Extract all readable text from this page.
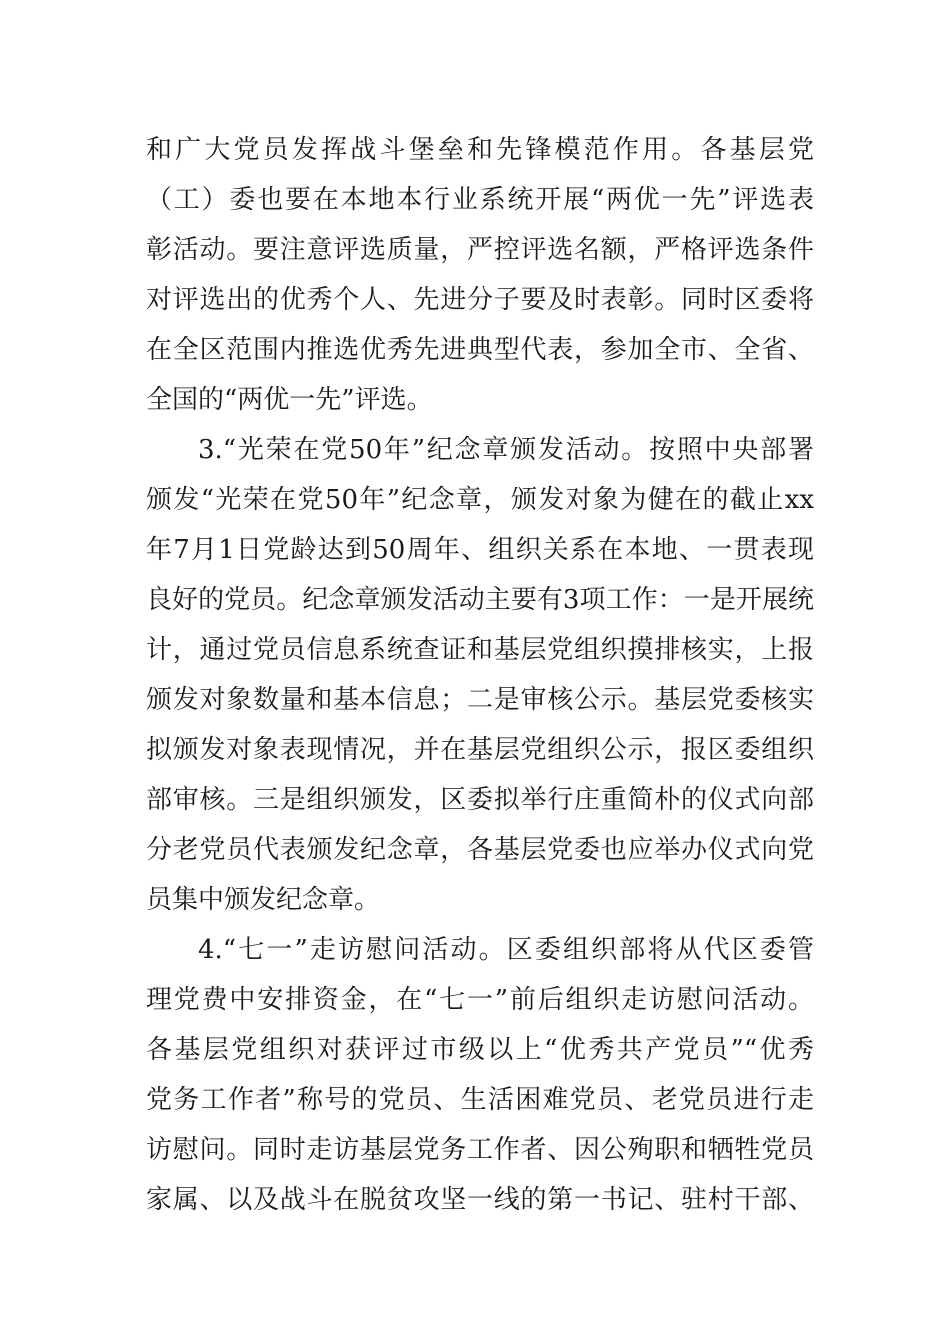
和广大党员发挥战斗堡垒和先锋模范作用。各基层党
（工）委也要在本地本行业系统开展“两优一先”评选表
彰活动。要注意评选质量，严控评选名额，严格评选条件
对评选出的优秀个人、先进分子要及时表彰。同时区委将
在全区范围内推选优秀先进典型代表，参加全市、全省、
全国的“两优一先”评选。
3.“光荣在党50年”纪念章颁发活动。按照中央部署
颁发“光荣在党50年”纪念章，颁发对象为健在的截止xx
年7月1日党龄达到50周年、组织关系在本地、一贯表现
良好的党员。纪念章颁发活动主要有3项工作：一是开展统
计，通过党员信息系统查证和基层党组织摸排核实，上报
颁发对象数量和基本信息；二是审核公示。基层党委核实
拟颁发对象表现情况，并在基层党组织公示，报区委组织
部审核。三是组织颁发，区委拟举行庄重简朴的仪式向部
分老党员代表颁发纪念章，各基层党委也应举办仪式向党
员集中颁发纪念章。
4.“七一”走访慰问活动。区委组织部将从代区委管
理党费中安排资金，在“七一”前后组织走访慰问活动。
各基层党组织对获评过市级以上“优秀共产党员”“优秀
党务工作者”称号的党员、生活困难党员、老党员进行走
访慰问。同时走访基层党务工作者、因公殉职和牺牲党员
家属、以及战斗在脱贫攻坚一线的第一书记、驻村干部、
